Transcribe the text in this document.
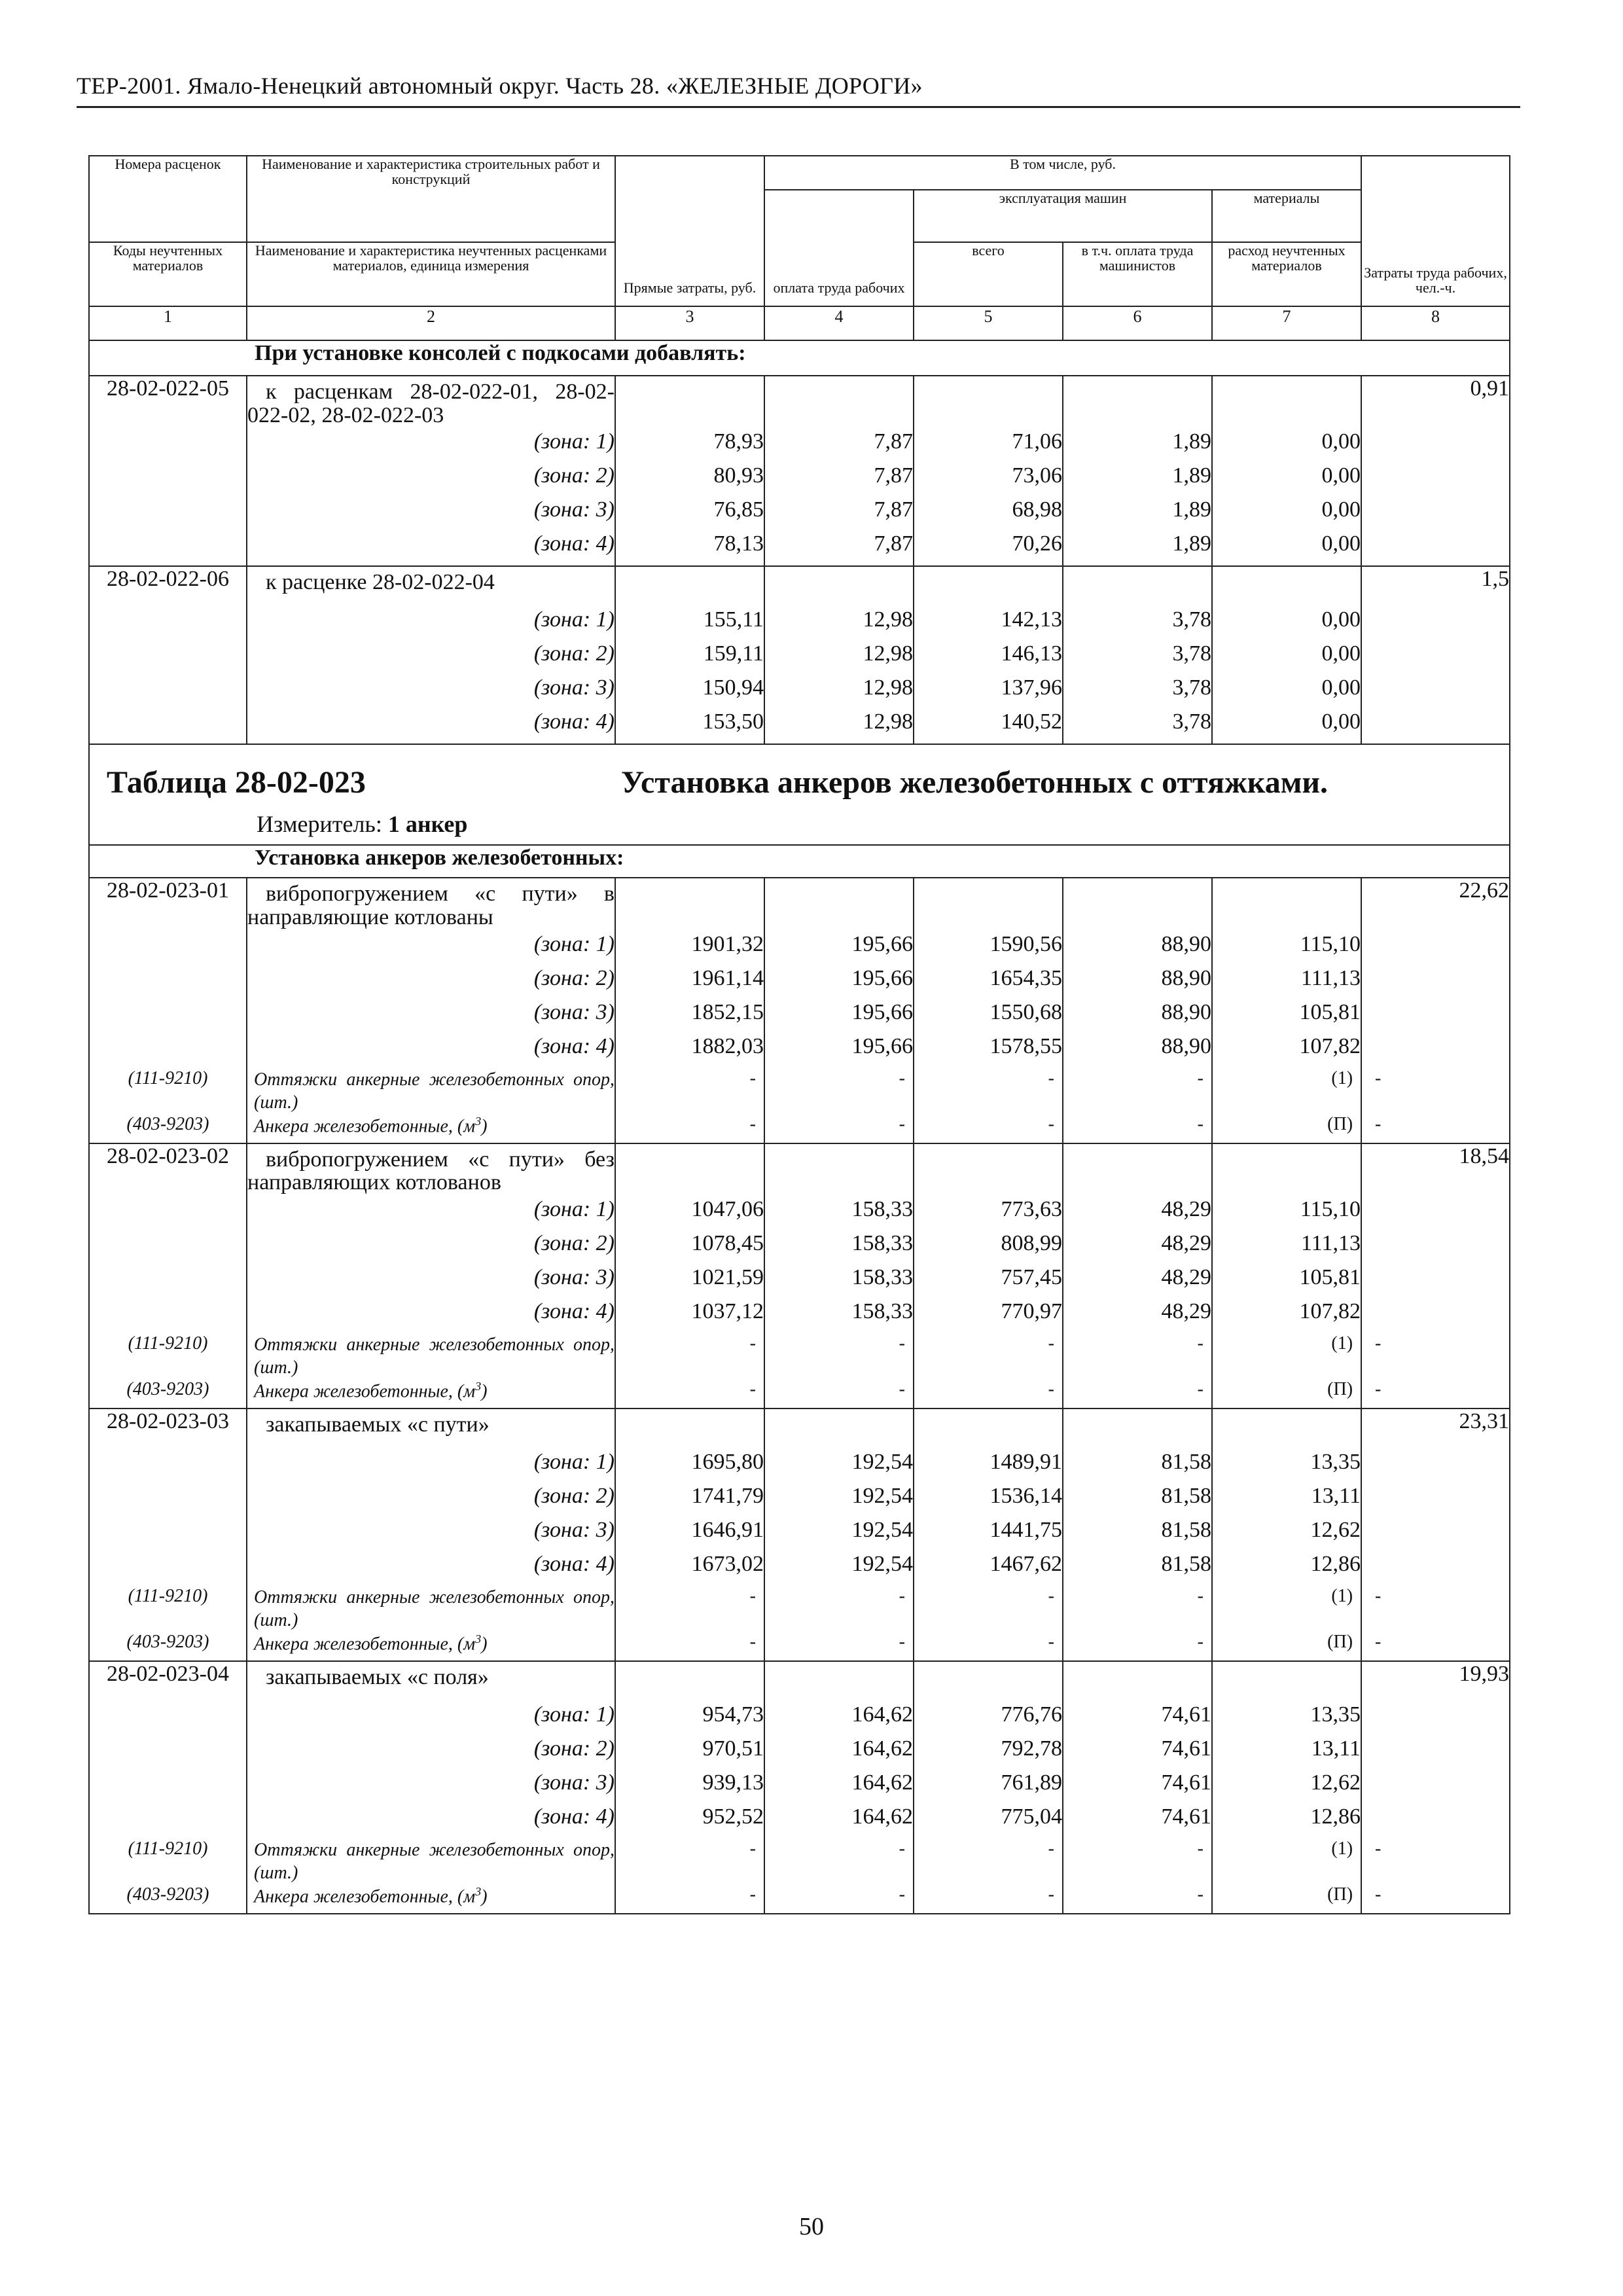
ТЕР-2001. Ямало-Ненецкий автономный округ. Часть 28. «ЖЕЛЕЗНЫЕ ДОРОГИ»
Номера расценок	Наименование и характеристика строительных работ и конструкций	Прямые затраты, руб.	В том числе, руб.				Затраты труда рабочих, чел.-ч.
			оплата труда рабочих	эксплуатация машин		материалы	
Коды неучтенных материалов	Наименование и характеристика неучтенных расценками материалов, единица измерения			всего	в т.ч. оплата труда машинистов	расход неучтенных материалов	
1	2	3	4	5	6	7	8

При установке консолей с подкосами добавлять:							

28-02-022-05	к расценкам 28-02-022-01, 28-02-022-02, 28-02-022-03						0,91
	(зона: 1)	78,93	7,87	71,06	1,89	0,00	
	(зона: 2)	80,93	7,87	73,06	1,89	0,00	
	(зона: 3)	76,85	7,87	68,98	1,89	0,00	
	(зона: 4)	78,13	7,87	70,26	1,89	0,00	
28-02-022-06	к расценке 28-02-022-04						1,5
	(зона: 1)	155,11	12,98	142,13	3,78	0,00	
	(зона: 2)	159,11	12,98	146,13	3,78	0,00	
	(зона: 3)	150,94	12,98	137,96	3,78	0,00	
	(зона: 4)	153,50	12,98	140,52	3,78	0,00	

Таблица 28-02-023 Установка анкеров железобетонных с оттяжками.
Измеритель: 1 анкер							

Установка анкеров железобетонных:							

28-02-023-01	вибропогружением «с пути» в направляющие котлованы						22,62
	(зона: 1)	1901,32	195,66	1590,56	88,90	115,10	
	(зона: 2)	1961,14	195,66	1654,35	88,90	111,13	
	(зона: 3)	1852,15	195,66	1550,68	88,90	105,81	
	(зона: 4)	1882,03	195,66	1578,55	88,90	107,82	
(111-9210)	Оттяжки анкерные железобетонных опор, (шт.)	-	-	-	-	(1)	-
(403-9203)	Анкера железобетонные, $(м^3)$	-	-	-	-	(П)	-
28-02-023-02	вибропогружением «с пути» без направляющих котлованов						18,54
	(зона: 1)	1047,06	158,33	773,63	48,29	115,10	
	(зона: 2)	1078,45	158,33	808,99	48,29	111,13	
	(зона: 3)	1021,59	158,33	757,45	48,29	105,81	
	(зона: 4)	1037,12	158,33	770,97	48,29	107,82	
(111-9210)	Оттяжки анкерные железобетонных опор, (шт.)	-	-	-	-	(1)	-
(403-9203)	Анкера железобетонные, $(м^3)$	-	-	-	-	(П)	-
28-02-023-03	закапываемых «с пути»						23,31
	(зона: 1)	1695,80	192,54	1489,91	81,58	13,35	
	(зона: 2)	1741,79	192,54	1536,14	81,58	13,11	
	(зона: 3)	1646,91	192,54	1441,75	81,58	12,62	
	(зона: 4)	1673,02	192,54	1467,62	81,58	12,86	
(111-9210)	Оттяжки анкерные железобетонных опор, (шт.)	-	-	-	-	(1)	-
(403-9203)	Анкера железобетонные, $(м^3)$	-	-	-	-	(П)	-
28-02-023-04	закапываемых «с поля»						19,93
	(зона: 1)	954,73	164,62	776,76	74,61	13,35	
	(зона: 2)	970,51	164,62	792,78	74,61	13,11	
	(зона: 3)	939,13	164,62	761,89	74,61	12,62	
	(зона: 4)	952,52	164,62	775,04	74,61	12,86	
(111-9210)	Оттяжки анкерные железобетонных опор, (шт.)	-	-	-	-	(1)	-
(403-9203)	Анкера железобетонные, $(м^3)$	-	-	-	-	(П)	-
50
